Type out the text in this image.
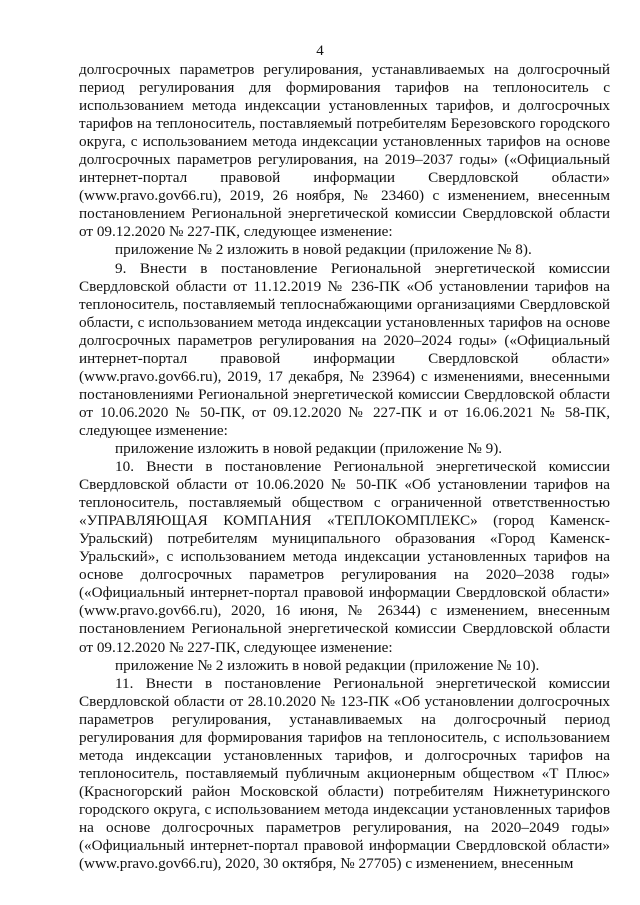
4

долгосрочных параметров регулирования, устанавливаемых на долгосрочный период регулирования для формирования тарифов на теплоноситель с использованием метода индексации установленных тарифов, и долгосрочных тарифов на теплоноситель, поставляемый потребителям Березовского городского округа, с использованием метода индексации установленных тарифов на основе долгосрочных параметров регулирования, на 2019–2037 годы» («Официальный интернет-портал правовой информации Свердловской области» (www.pravo.gov66.ru), 2019, 26 ноября, № 23460) с изменением, внесенным постановлением Региональной энергетической комиссии Свердловской области от 09.12.2020 № 227-ПК, следующее изменение:

приложение № 2 изложить в новой редакции (приложение № 8).

9. Внести в постановление Региональной энергетической комиссии Свердловской области от 11.12.2019 № 236-ПК «Об установлении тарифов на теплоноситель, поставляемый теплоснабжающими организациями Свердловской области, с использованием метода индексации установленных тарифов на основе долгосрочных параметров регулирования на 2020–2024 годы» («Официальный интернет-портал правовой информации Свердловской области» (www.pravo.gov66.ru), 2019, 17 декабря, № 23964) с изменениями, внесенными постановлениями Региональной энергетической комиссии Свердловской области от 10.06.2020 № 50-ПК, от 09.12.2020 № 227-ПК и от 16.06.2021 № 58-ПК, следующее изменение:

приложение изложить в новой редакции (приложение № 9).

10. Внести в постановление Региональной энергетической комиссии Свердловской области от 10.06.2020 № 50-ПК «Об установлении тарифов на теплоноситель, поставляемый обществом с ограниченной ответственностью «УПРАВЛЯЮЩАЯ КОМПАНИЯ «ТЕПЛОКОМПЛЕКС» (город Каменск-Уральский) потребителям муниципального образования «Город Каменск-Уральский», с использованием метода индексации установленных тарифов на основе долгосрочных параметров регулирования на 2020–2038 годы» («Официальный интернет-портал правовой информации Свердловской области» (www.pravo.gov66.ru), 2020, 16 июня, № 26344) с изменением, внесенным постановлением Региональной энергетической комиссии Свердловской области от 09.12.2020 № 227-ПК, следующее изменение:

приложение № 2 изложить в новой редакции (приложение № 10).

11. Внести в постановление Региональной энергетической комиссии Свердловской области от 28.10.2020 № 123-ПК «Об установлении долгосрочных параметров регулирования, устанавливаемых на долгосрочный период регулирования для формирования тарифов на теплоноситель, с использованием метода индексации установленных тарифов, и долгосрочных тарифов на теплоноситель, поставляемый публичным акционерным обществом «Т Плюс» (Красногорский район Московской области) потребителям Нижнетуринского городского округа, с использованием метода индексации установленных тарифов на основе долгосрочных параметров регулирования, на 2020–2049 годы» («Официальный интернет-портал правовой информации Свердловской области» (www.pravo.gov66.ru), 2020, 30 октября, № 27705) с изменением, внесенным
